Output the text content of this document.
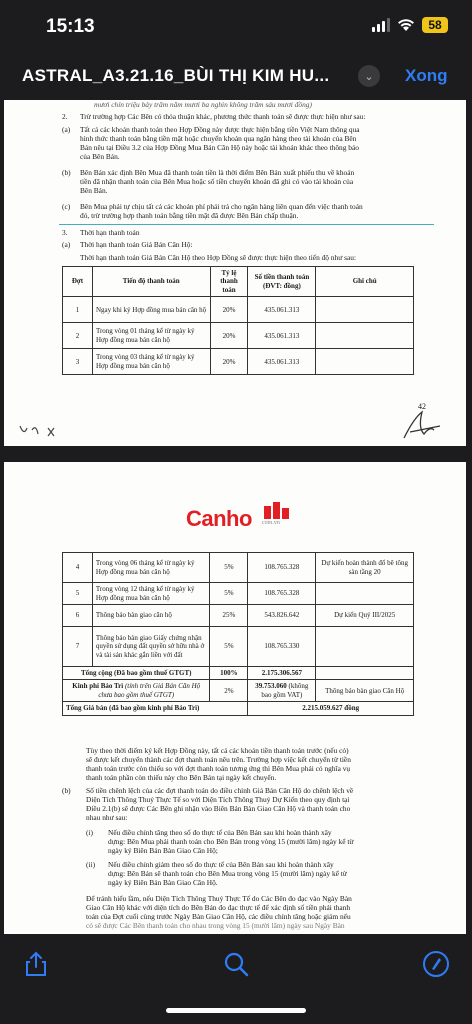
15:13	58
ASTRAL_A3.21.16_BÙI THỊ KIM HU...	⌄ Xong
mươi chín triệu bảy trăm năm mươi ba nghìn không trăm sáu mươi đồng)
2. Trừ trường hợp Các Bên có thỏa thuận khác, phương thức thanh toán sẽ được thực hiện như sau:
(a) Tất cả các khoản thanh toán theo Hợp Đồng này được thực hiện bằng tiền Việt Nam thông qua
hình thức thanh toán bằng tiền mặt hoặc chuyển khoản qua ngân hàng theo tài khoản của Bên
Bán nêu tại Điều 3.2 của Hợp Đồng Mua Bán Căn Hộ này hoặc tài khoản khác theo thông báo
của Bên Bán.
(b) Bên Bán xác định Bên Mua đã thanh toán tiền là thời điểm Bên Bán xuất phiếu thu về khoản
tiền đã nhận thanh toán của Bên Mua hoặc số tiền chuyển khoản đã ghi có vào tài khoản của
Bên Bán.
(c) Bên Mua phải tự chịu tất cả các khoản phí phải trả cho ngân hàng liên quan đến việc thanh toán
đó, trừ trường hợp thanh toán bằng tiền mặt đã được Bên Bán chấp thuận.
3. Thời hạn thanh toán
(a) Thời hạn thanh toán Giá Bán Căn Hộ:
Thời hạn thanh toán Giá Bán Căn Hộ theo Hợp Đồng sẽ được thực hiện theo tiến độ như sau:
Đợt	Tiến độ thanh toán	Tỷ lệ thanh toán	Số tiền thanh toán (ĐVT: đồng)	Ghi chú
1	Ngay khi ký Hợp đồng mua bán căn hộ	20%	435.061.313	
2	Trong vòng 01 tháng kể từ ngày ký Hợp đồng mua bán căn hộ	20%	435.061.313	
3	Trong vòng 03 tháng kể từ ngày ký Hợp đồng mua bán căn hộ	20%	435.061.313	
42
Canho com.vn
4	Trong vòng 06 tháng kể từ ngày ký Hợp đồng mua bán căn hộ	5%	108.765.328	Dự kiến hoàn thành đổ bê tông sàn tầng 20
5	Trong vòng 12 tháng kể từ ngày ký Hợp đồng mua bán căn hộ	5%	108.765.328	
6	Thông báo bàn giao căn hộ	25%	543.826.642	Dự kiến Quý III/2025
7	Thông báo bàn giao Giấy chứng nhận quyền sử dụng đất quyền sở hữu nhà ở và tài sản khác gắn liền với đất	5%	108.765.330	
Tổng cộng (Đã bao gồm thuế GTGT)		100%	2.175.306.567	
Kinh phí Bảo Trì (tính trên Giá Bán Căn Hộ chưa bao gồm thuế GTGT)		2%	39.753.060 (không bao gồm VAT)	Thông báo bàn giao Căn Hộ
Tổng Giá bán (đã bao gồm kinh phí Bảo Trì)			2.215.059.627 đồng	
Tùy theo thời điểm ký kết Hợp Đồng này, tất cả các khoản tiền thanh toán trước (nếu có)
sẽ được kết chuyển thành các đợt thanh toán nêu trên. Trường hợp việc kết chuyển từ tiền
thanh toán trước còn thiếu so với đợt thanh toán tương ứng thì Bên Mua phải có nghĩa vụ
thanh toán phần còn thiếu này cho Bên Bán tại ngày kết chuyển.
(b) Số tiền chênh lệch của các đợt thanh toán do điều chỉnh Giá Bán Căn Hộ do chênh lệch về
Diện Tích Thông Thuỷ Thực Tế so với Diện Tích Thông Thuỷ Dự Kiến theo quy định tại
Điều 2.1(b) sẽ được Các Bên ghi nhận vào Biên Bản Bàn Giao Căn Hộ và thanh toán cho
nhau như sau:
(i) Nếu điều chỉnh tăng theo số đo thực tế của Bên Bán sau khi hoàn thành xây
dựng: Bên Mua phải thanh toán cho Bên Bán trong vòng 15 (mười lăm) ngày kể từ
ngày ký Biên Bản Bàn Giao Căn Hộ;
(ii) Nếu điều chỉnh giảm theo số đo thực tế của Bên Bán sau khi hoàn thành xây
dựng: Bên Bán sẽ thanh toán cho Bên Mua trong vòng 15 (mười lăm) ngày kể từ
ngày ký Biên Bản Bàn Giao Căn Hộ.
Để tránh hiểu lầm, nếu Diện Tích Thông Thuỷ Thực Tế do Các Bên đo đạc vào Ngày Bàn
Giao Căn Hộ khác với diện tích do Bên Bán đo đạc thực tế để xác định số tiền phải thanh
toán của Đợt cuối cùng trước Ngày Bàn Giao Căn Hộ, các điều chỉnh tăng hoặc giảm nếu
có sẽ được Các Bên thanh toán cho nhau trong vòng 15 (mười lăm) ngày sau Ngày Bàn
